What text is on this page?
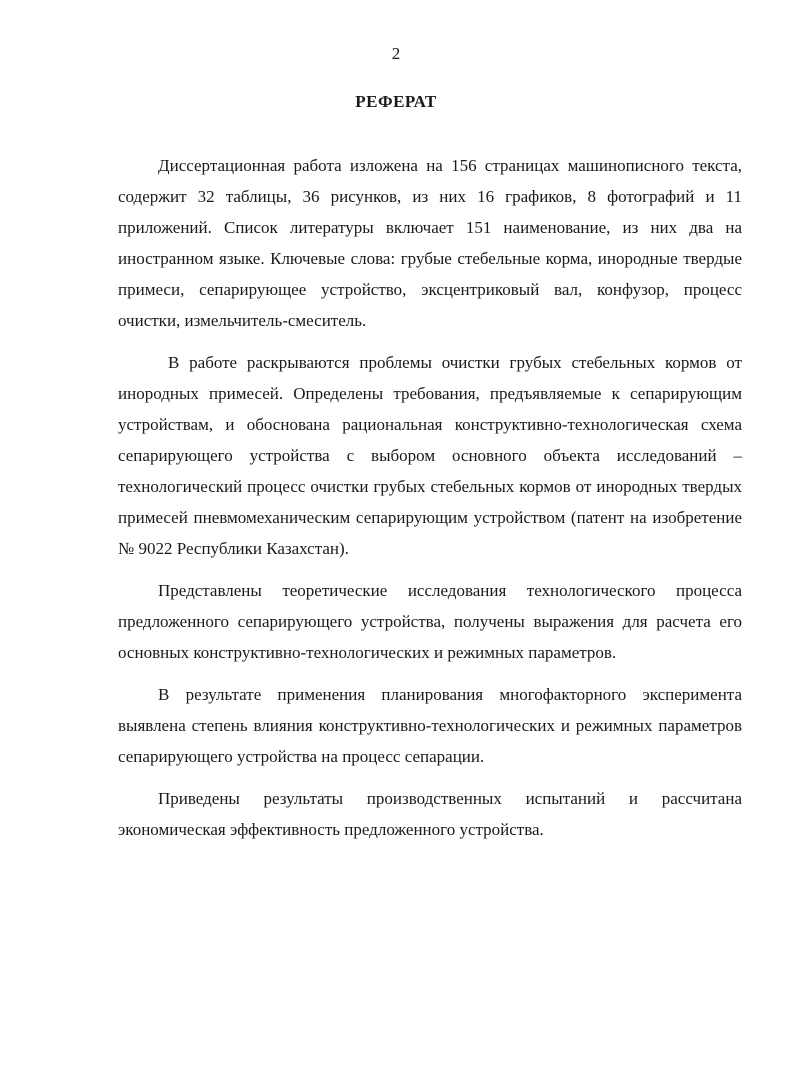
2
РЕФЕРАТ

Диссертационная работа изложена на 156 страницах машинописного текста, содержит 32 таблицы, 36 рисунков, из них 16 графиков, 8 фотографий и 11 приложений. Список литературы включает 151 наименование, из них два на иностранном языке. Ключевые слова: грубые стебельные корма, инородные твердые примеси, сепарирующее устройство, эксцентриковый вал, конфузор, процесс очистки, измельчитель-смеситель.

В работе раскрываются проблемы очистки грубых стебельных кормов от инородных примесей. Определены требования, предъявляемые к сепарирующим устройствам, и обоснована рациональная конструктивно-технологическая схема сепарирующего устройства с выбором основного объекта исследований – технологический процесс очистки грубых стебельных кормов от инородных твердых примесей пневмомеханическим сепарирующим устройством (патент на изобретение № 9022 Республики Казахстан).

Представлены теоретические исследования технологического процесса предложенного сепарирующего устройства, получены выражения для расчета его основных конструктивно-технологических и режимных параметров.

В результате применения планирования многофакторного эксперимента выявлена степень влияния конструктивно-технологических и режимных параметров сепарирующего устройства на процесс сепарации.

Приведены результаты производственных испытаний и рассчитана экономическая эффективность предложенного устройства.
